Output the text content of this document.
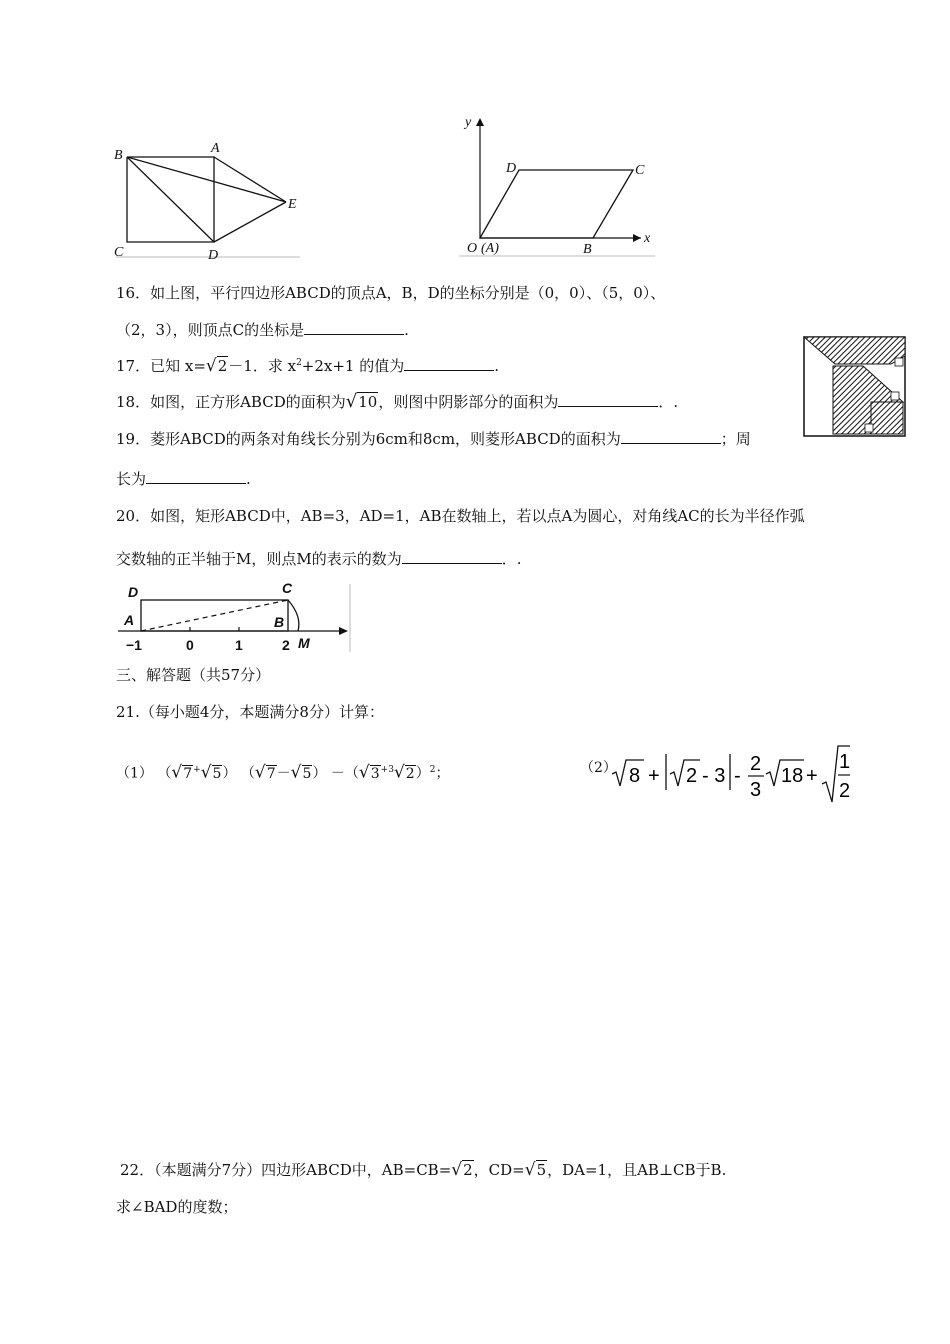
B	A
E
C	D
y
x
O (A)	B
C
D
16．如上图，平行四边形ABCD的顶点A，B，D的坐标分别是（0，0）、（5，0）、
（2，3），则顶点C的坐标是	.
17．已知 x=√2－1．求 $x^2+2x+1$ 的值为	.
18．如图，正方形ABCD的面积为√10，则图中阴影部分的面积为	．.
19．菱形ABCD的两条对角线长分别为6cm和8cm，则菱形ABCD的面积为	；周
长为	.
20．如图，矩形ABCD中，AB=3，AD=1，AB在数轴上，若以点A为圆心，对角线AC的长为半径作弧
交数轴的正半轴于M，则点M的表示的数为	．.
D	C
A	B
M
−1	0	1	2
三、解答题（共57分）
21.（每小题4分，本题满分8分）计算：
（1） （√7+√5） $(√7-√5) -(√3^{+3}√2)^2$；	（2） 8 + 2 - 3 -
2
3
18 +
1
2
22．（本题满分7分）四边形ABCD中，AB=CB=√2，CD=√5，DA=1，且AB⊥CB于B.
求∠BAD的度数；
